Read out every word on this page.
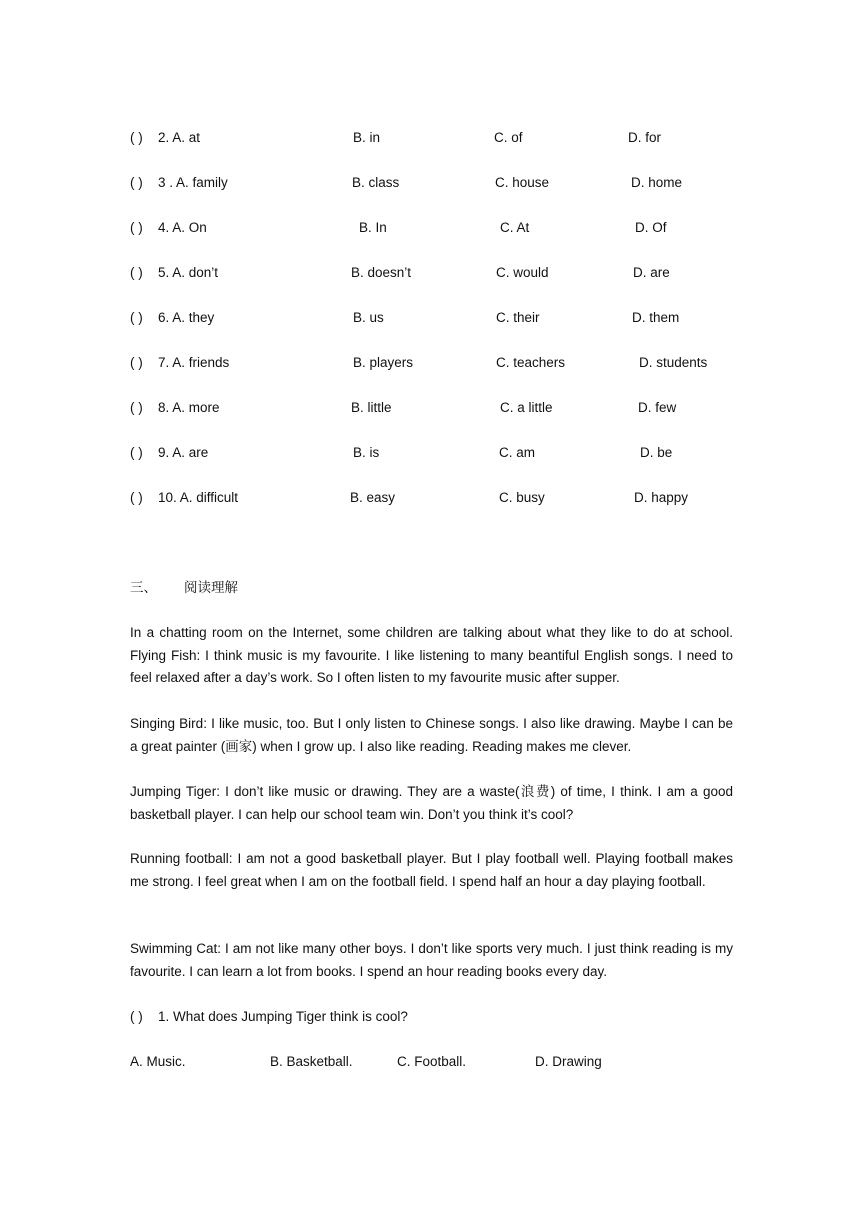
( ) 2. A. at	B. in	C. of	D. for
( ) 3 . A. family	B. class	C. house	D. home
( ) 4. A. On	B. In	C. At	D. Of
( ) 5. A. don’t	B. doesn’t	C. would	D. are
( ) 6. A. they	B. us	C. their	D. them
( ) 7. A. friends	B. players	C. teachers	D. students
( ) 8. A. more	B. little	C. a little	D. few
( ) 9. A. are	B. is	C. am	D. be
( ) 10. A. difficult	B. easy	C. busy	D. happy
三、 阅读理解

In a chatting room on the Internet, some children are talking about what they like to do at school. Flying Fish: I think music is my favourite. I like listening to many beantiful English songs. I need to feel relaxed after a day’s work. So I often listen to my favourite music after supper.

Singing Bird: I like music, too. But I only listen to Chinese songs. I also like drawing. Maybe I can be a great painter (画家) when I grow up. I also like reading. Reading makes me clever.

Jumping Tiger: I don’t like music or drawing. They are a waste(浪费) of time, I think. I am a good basketball player. I can help our school team win. Don’t you think it’s cool?

Running football: I am not a good basketball player. But I play football well. Playing football makes me strong. I feel great when I am on the football field. I spend half an hour a day playing football.

Swimming Cat: I am not like many other boys. I don’t like sports very much. I just think reading is my favourite. I can learn a lot from books. I spend an hour reading books every day.

( ) 1. What does Jumping Tiger think is cool?
A. Music.	B. Basketball.	C. Football.	D. Drawing
